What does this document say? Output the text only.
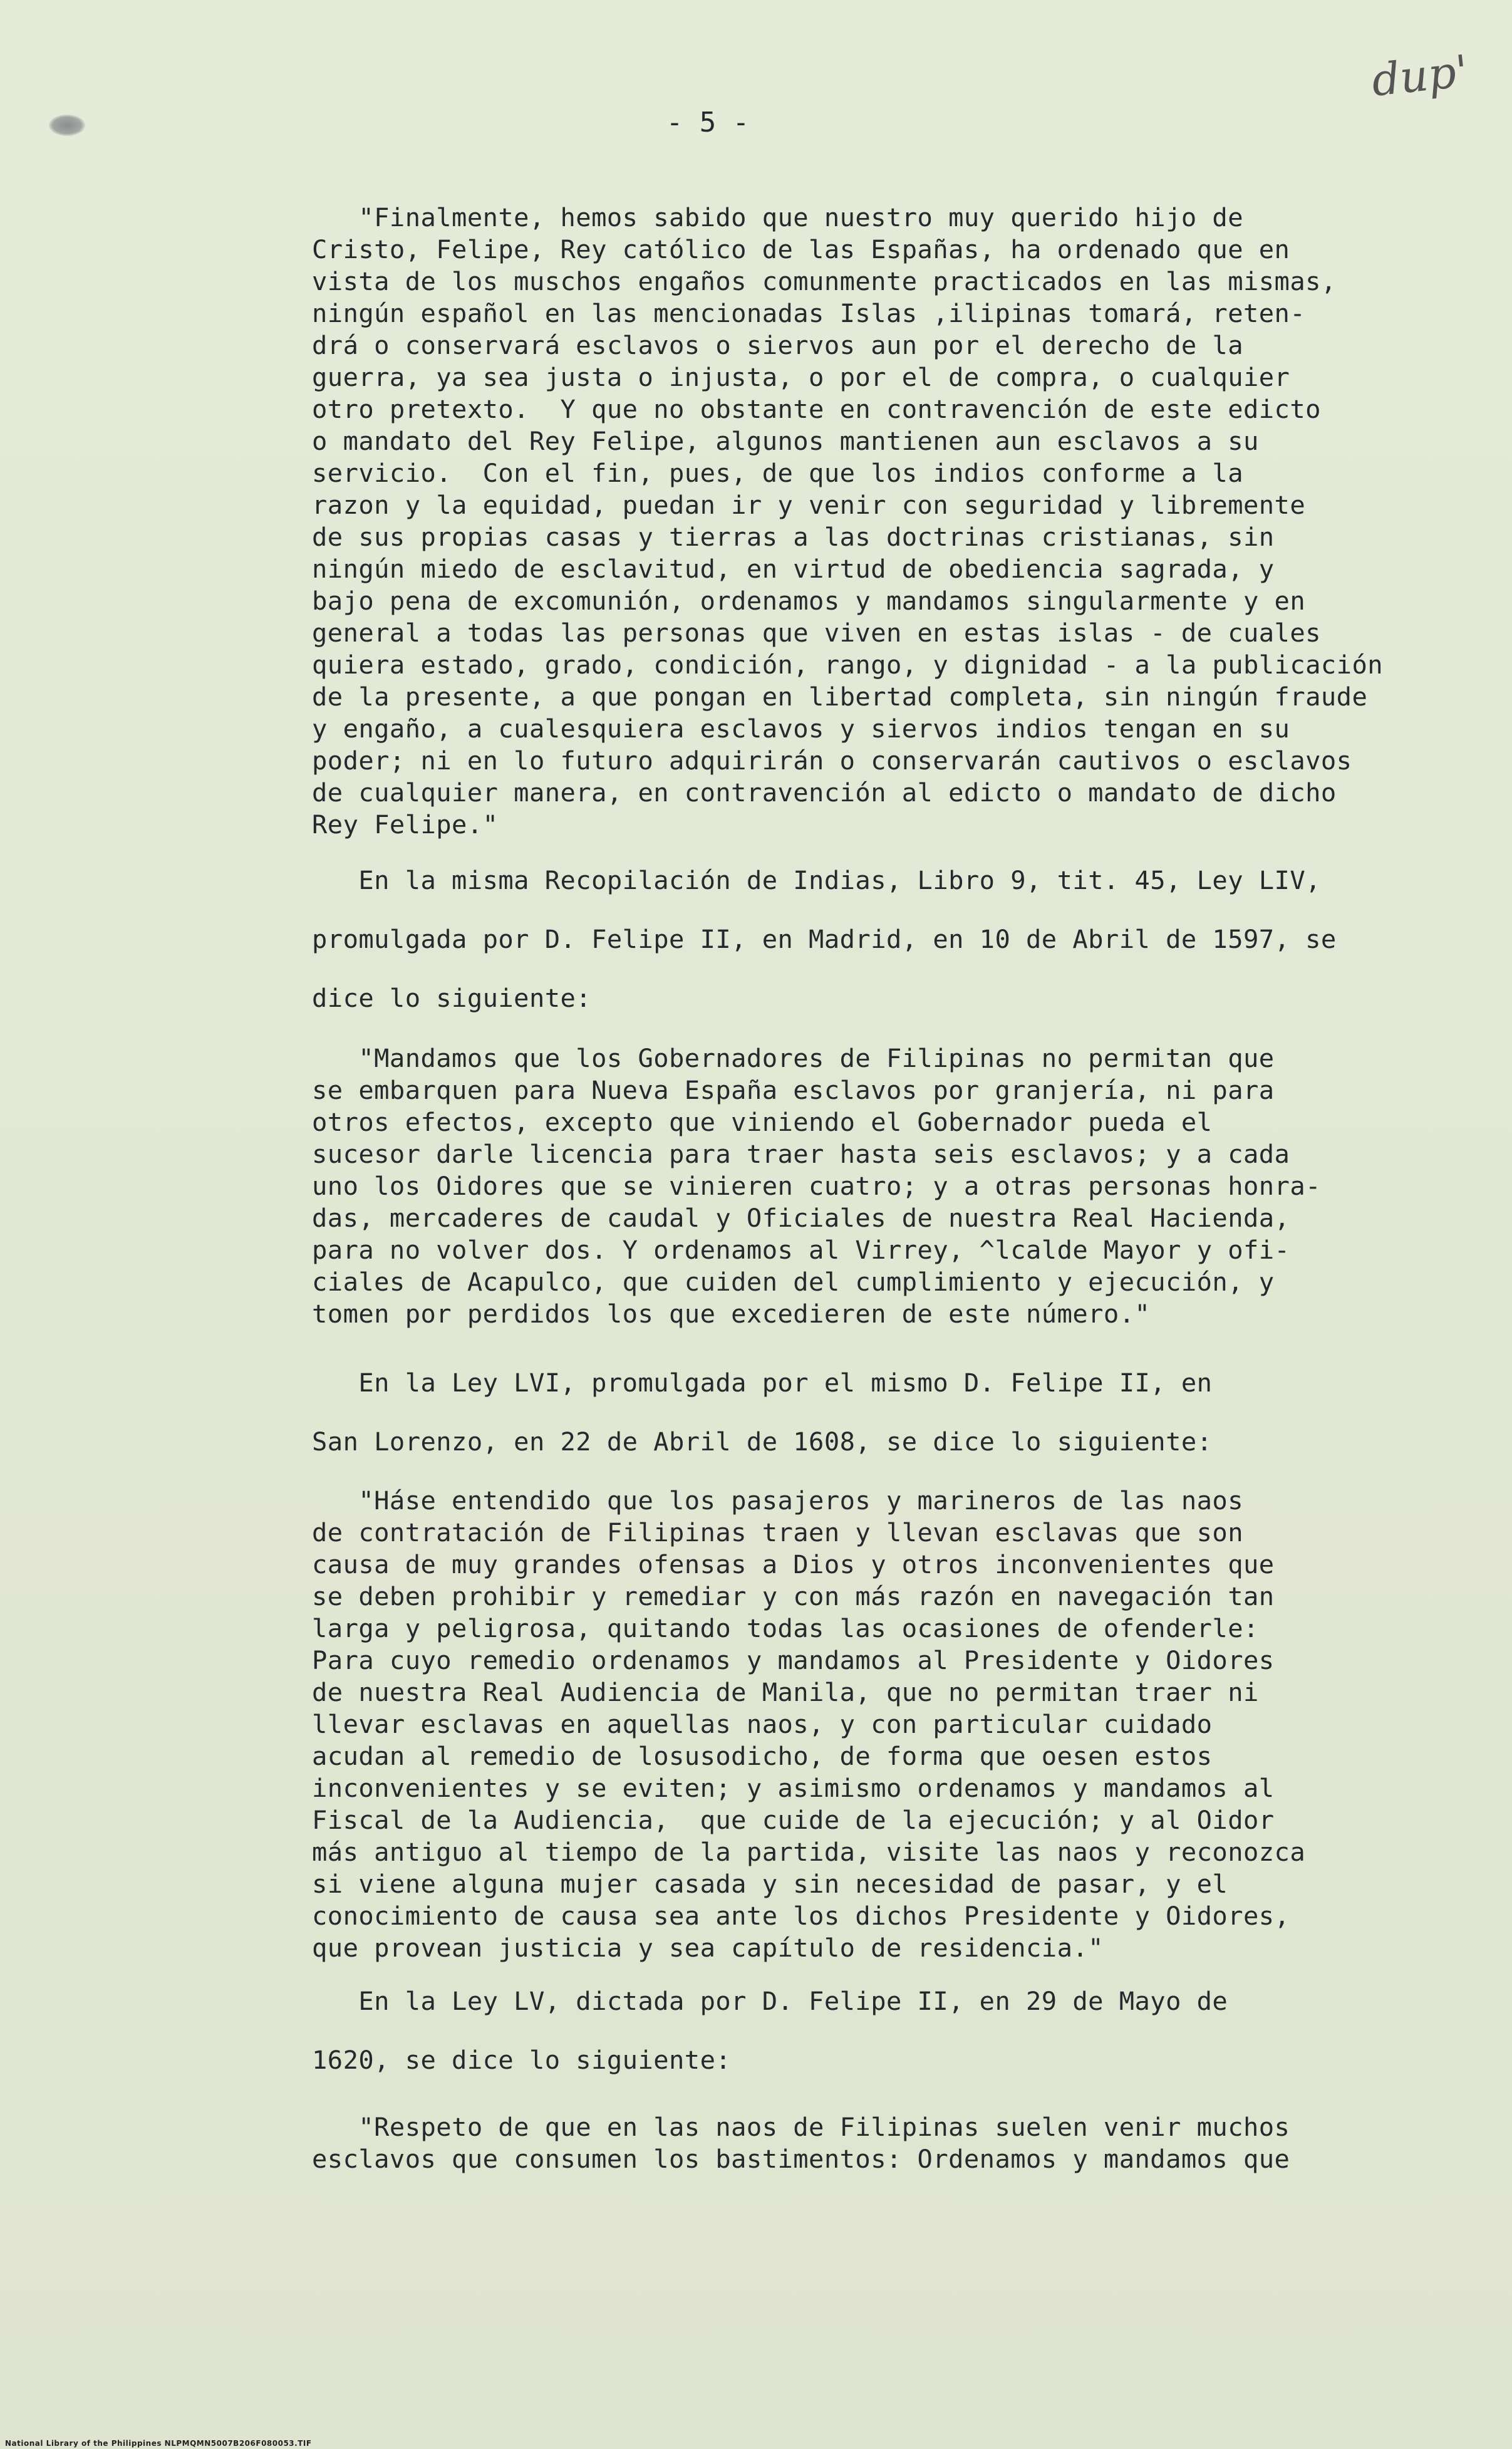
dup'
- 5 -

"Finalmente, hemos sabido que nuestro muy querido hijo de

Cristo, Felipe, Rey católico de las Españas, ha ordenado que en

vista de los muschos engaños comunmente practicados en las mismas,

ningún español en las mencionadas Islas ,ilipinas tomará, reten-

drá o conservará esclavos o siervos aun por el derecho de la

guerra, ya sea justa o injusta, o por el de compra, o cualquier

otro pretexto.  Y que no obstante en contravención de este edicto

o mandato del Rey Felipe, algunos mantienen aun esclavos a su

servicio.  Con el fin, pues, de que los indios conforme a la

razon y la equidad, puedan ir y venir con seguridad y libremente

de sus propias casas y tierras a las doctrinas cristianas, sin

ningún miedo de esclavitud, en virtud de obediencia sagrada, y

bajo pena de excomunión, ordenamos y mandamos singularmente y en

general a todas las personas que viven en estas islas - de cuales

quiera estado, grado, condición, rango, y dignidad - a la publicación

de la presente, a que pongan en libertad completa, sin ningún fraude

y engaño, a cualesquiera esclavos y siervos indios tengan en su

poder; ni en lo futuro adquirirán o conservarán cautivos o esclavos

de cualquier manera, en contravención al edicto o mandato de dicho

Rey Felipe."

En la misma Recopilación de Indias, Libro 9, tit. 45, Ley LIV,

promulgada por D. Felipe II, en Madrid, en 10 de Abril de 1597, se

dice lo siguiente:

"Mandamos que los Gobernadores de Filipinas no permitan que

se embarquen para Nueva España esclavos por granjería, ni para

otros efectos, excepto que viniendo el Gobernador pueda el

sucesor darle licencia para traer hasta seis esclavos; y a cada

uno los Oidores que se vinieren cuatro; y a otras personas honra-

das, mercaderes de caudal y Oficiales de nuestra Real Hacienda,

para no volver dos. Y ordenamos al Virrey, ^lcalde Mayor y ofi-

ciales de Acapulco, que cuiden del cumplimiento y ejecución, y

tomen por perdidos los que excedieren de este número."

En la Ley LVI, promulgada por el mismo D. Felipe II, en

San Lorenzo, en 22 de Abril de 1608, se dice lo siguiente:

"Háse entendido que los pasajeros y marineros de las naos

de contratación de Filipinas traen y llevan esclavas que son

causa de muy grandes ofensas a Dios y otros inconvenientes que

se deben prohibir y remediar y con más razón en navegación tan

larga y peligrosa, quitando todas las ocasiones de ofenderle:

Para cuyo remedio ordenamos y mandamos al Presidente y Oidores

de nuestra Real Audiencia de Manila, que no permitan traer ni

llevar esclavas en aquellas naos, y con particular cuidado

acudan al remedio de losusodicho, de forma que oesen estos

inconvenientes y se eviten; y asimismo ordenamos y mandamos al

Fiscal de la Audiencia,  que cuide de la ejecución; y al Oidor

más antiguo al tiempo de la partida, visite las naos y reconozca

si viene alguna mujer casada y sin necesidad de pasar, y el

conocimiento de causa sea ante los dichos Presidente y Oidores,

que provean justicia y sea capítulo de residencia."

En la Ley LV, dictada por D. Felipe II, en 29 de Mayo de

1620, se dice lo siguiente:

"Respeto de que en las naos de Filipinas suelen venir muchos

esclavos que consumen los bastimentos: Ordenamos y mandamos que

National Library of the Philippines NLPMQMN5007B206F080053.TIF
